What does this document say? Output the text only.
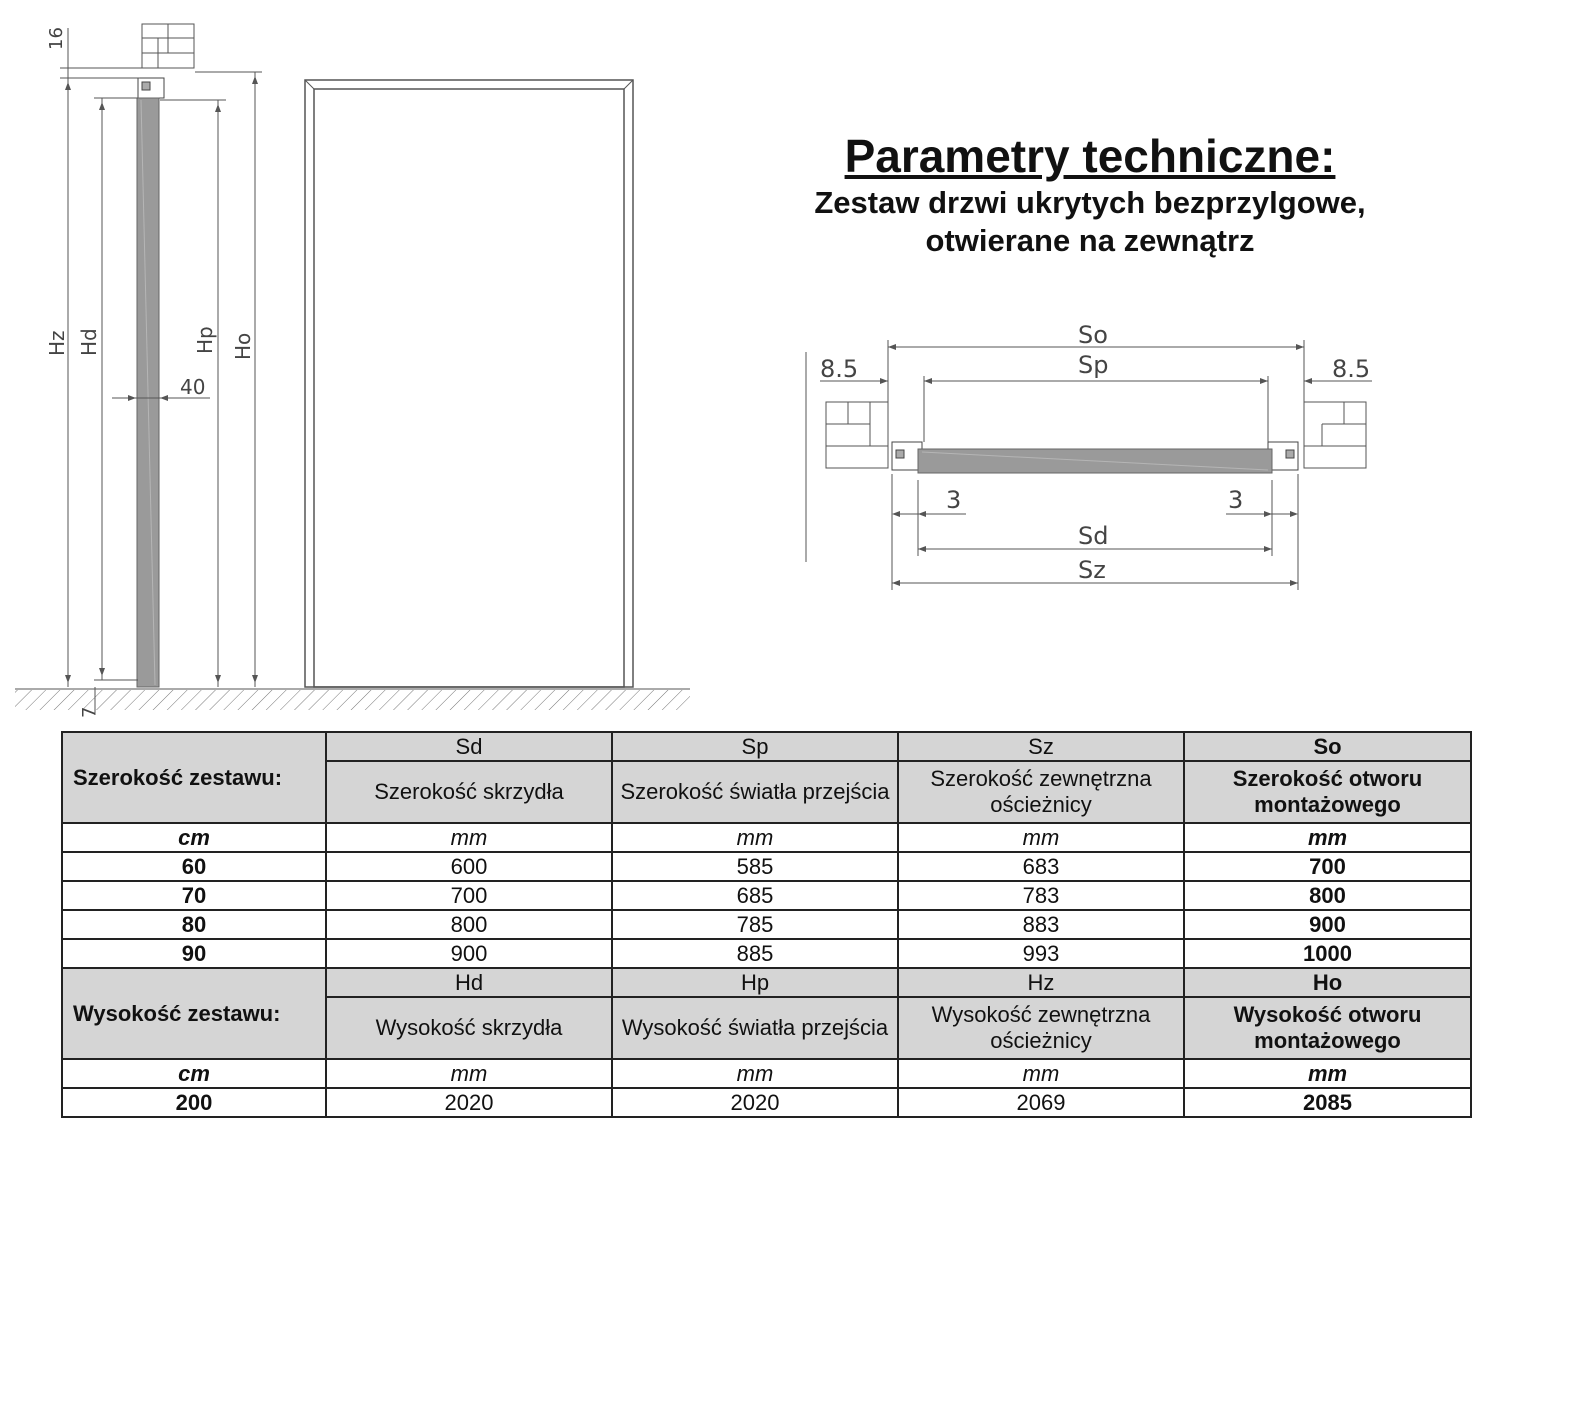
16
7
40
Hz Hd	Hp Ho	So
Sp
8.5	8.5
3	3
Sd
Sz
Parametry techniczne:
Zestaw drzwi ukrytych bezprzylgowe,
otwierane na zewnątrz
Szerokość zestawu:	Sd	Sp	Sz	So
	Szerokość skrzydła	Szerokość światła przejścia	Szerokość zewnętrzna ościeżnicy	Szerokość otworu montażowego
cm	mm	mm	mm	mm
60	600	585	683	700
70	700	685	783	800
80	800	785	883	900
90	900	885	993	1000
Wysokość zestawu:	Hd	Hp	Hz	Ho
	Wysokość skrzydła	Wysokość światła przejścia	Wysokość zewnętrzna ościeżnicy	Wysokość otworu montażowego
cm	mm	mm	mm	mm
200	2020	2020	2069	2085
